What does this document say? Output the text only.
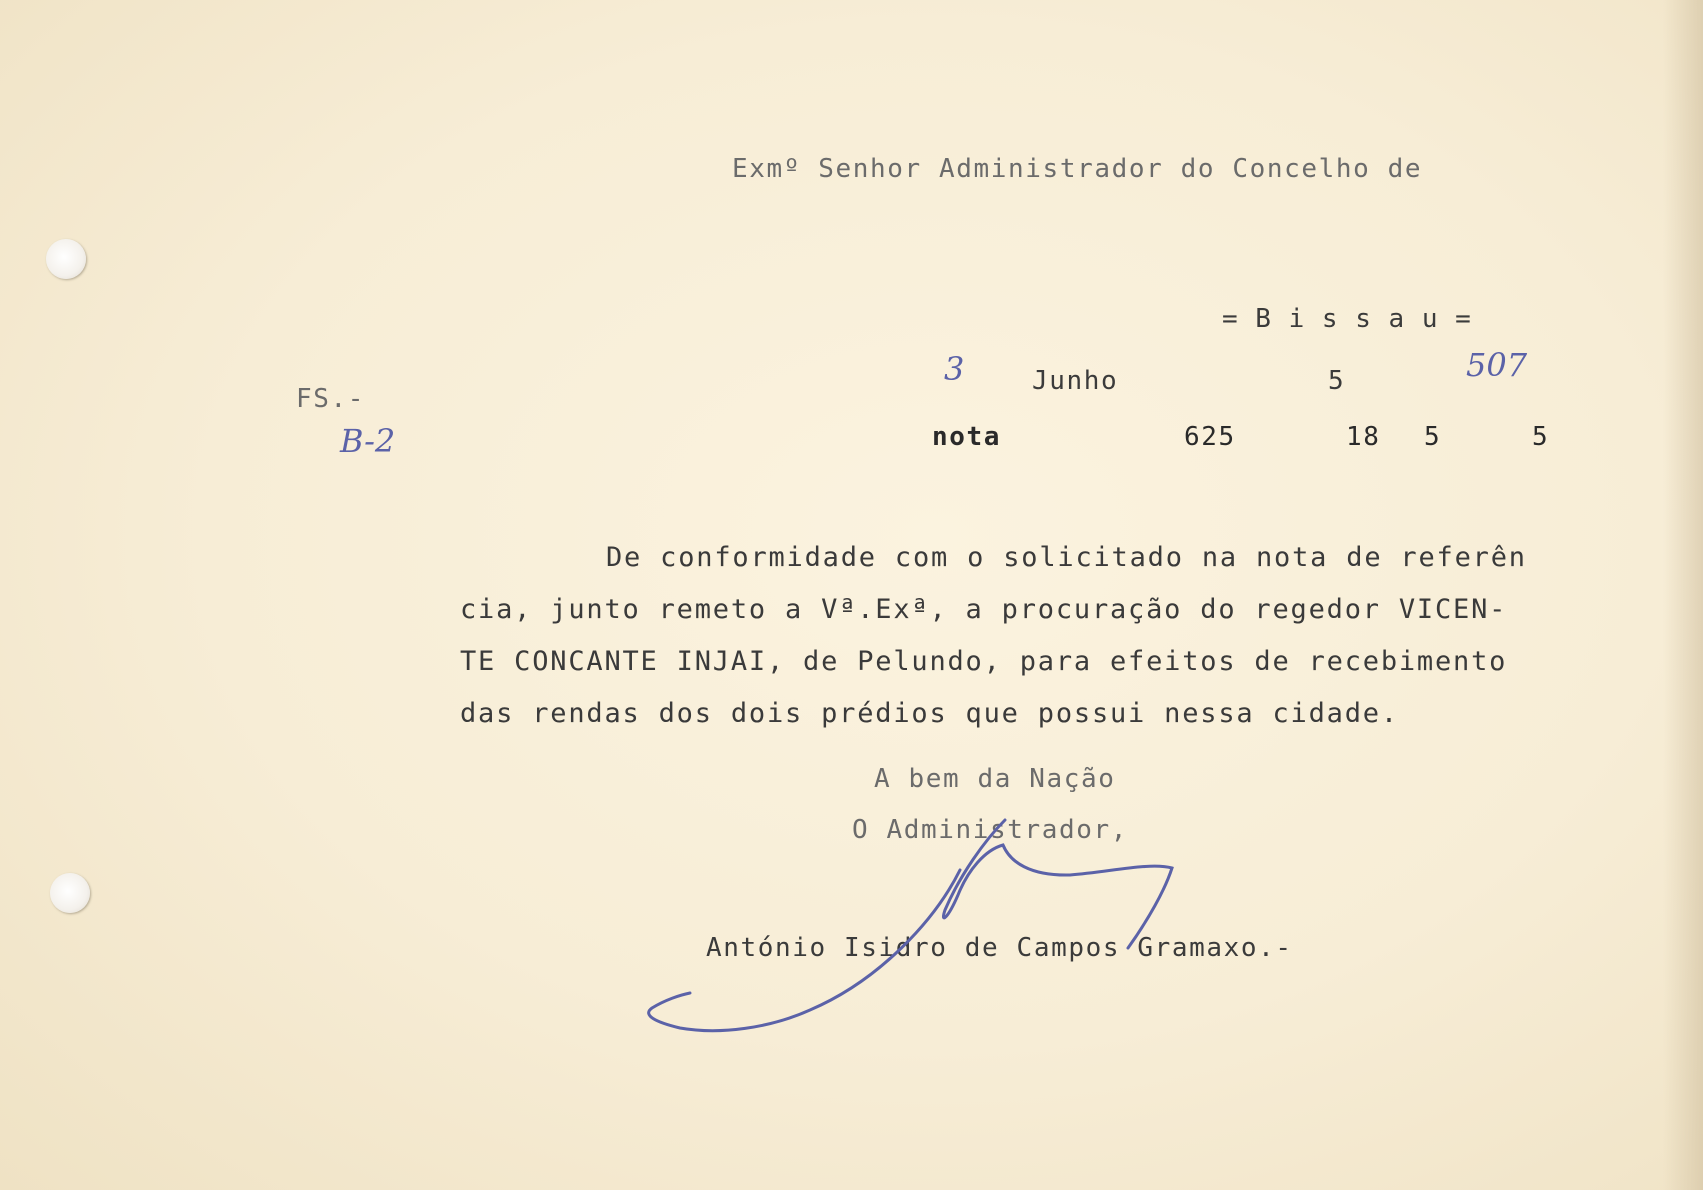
Exmº Senhor Administrador do Concelho de
= B i s s a u =
FS.-
B-2
3	Junho	5	507
nota	625	18 5	5
De conformidade com o solicitado na nota de referên
cia, junto remeto a Vª.Exª, a procuração do regedor VICEN-
TE CONCANTE INJAI, de Pelundo, para efeitos de recebimento
das rendas dos dois prédios que possui nessa cidade.
A bem da Nação
O Administrador,
António Isidro de Campos Gramaxo.-
